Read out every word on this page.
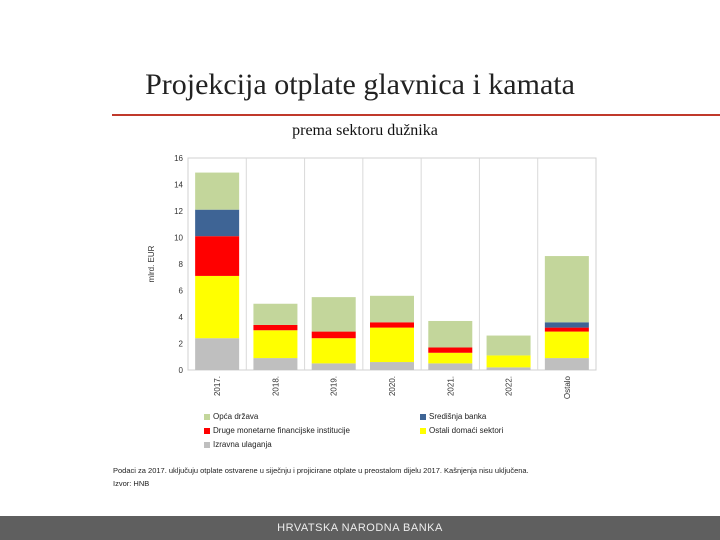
Projekcija otplate glavnica i kamata
prema sektoru dužnika
0
2
4
6
8
10
12
14
16
mlrd. EUR
2017.	2018.	2019.	2020.	2021.	2022.	Ostalo
Opća država	Središnja banka
Druge monetarne financijske institucije	Ostali domaći sektori
Izravna ulaganja
Podaci za 2017. uključuju otplate ostvarene u siječnju i projicirane otplate u preostalom dijelu 2017. Kašnjenja nisu uključena.
Izvor: HNB
HRVATSKA NARODNA BANKA
